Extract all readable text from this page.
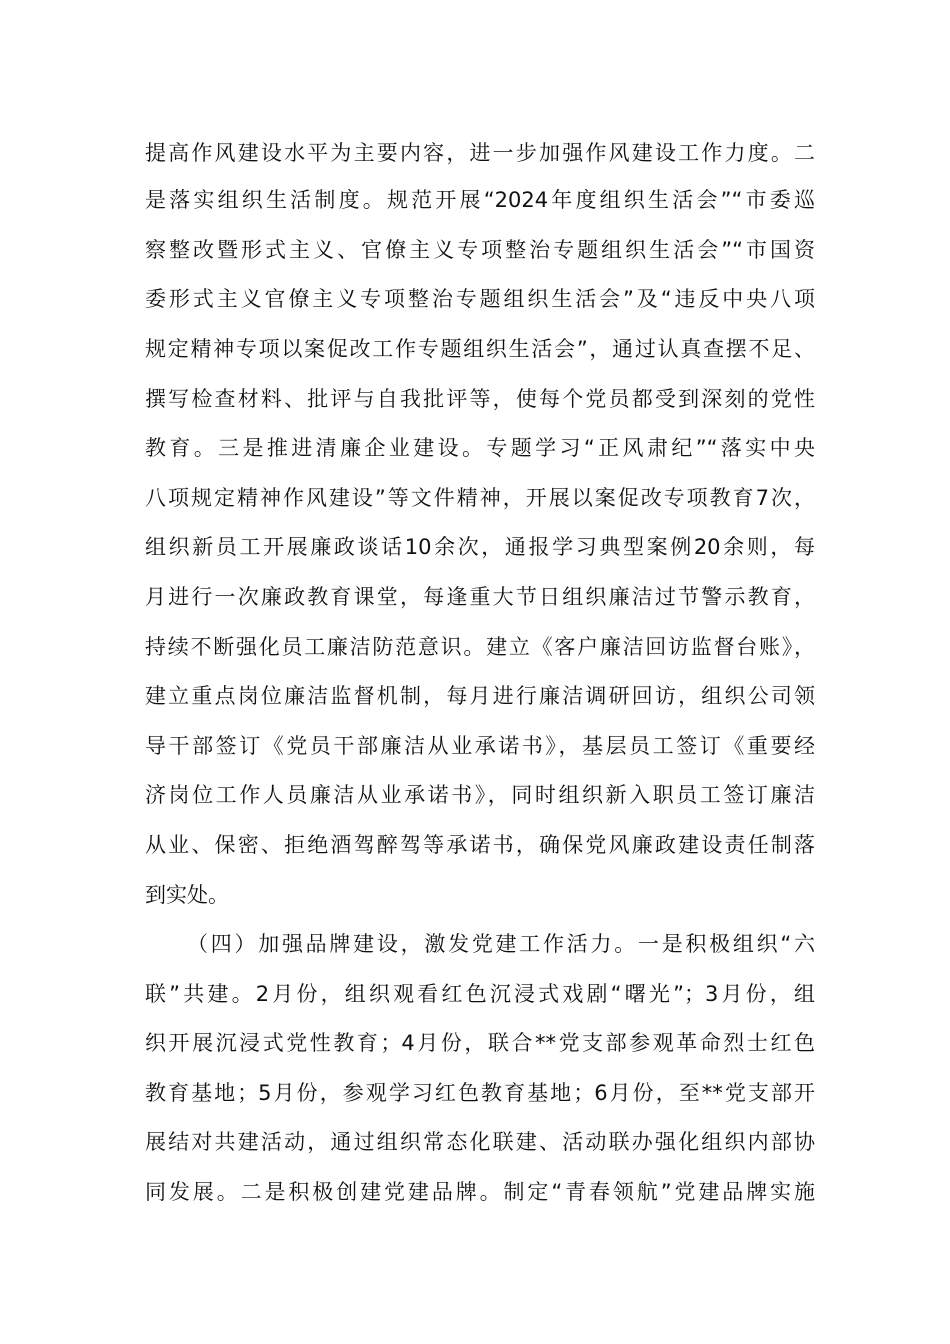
提高作风建设水平为主要内容，进一步加强作风建设工作力度。二
是落实组织生活制度。规范开展“2024年度组织生活会”“市委巡
察整改暨形式主义、官僚主义专项整治专题组织生活会”“市国资
委形式主义官僚主义专项整治专题组织生活会”及“违反中央八项
规定精神专项以案促改工作专题组织生活会”，通过认真查摆不足、
撰写检查材料、批评与自我批评等，使每个党员都受到深刻的党性
教育。三是推进清廉企业建设。专题学习“正风肃纪”“落实中央
八项规定精神作风建设”等文件精神，开展以案促改专项教育7次，
组织新员工开展廉政谈话10余次，通报学习典型案例20余则，每
月进行一次廉政教育课堂，每逢重大节日组织廉洁过节警示教育，
持续不断强化员工廉洁防范意识。建立《客户廉洁回访监督台账》，
建立重点岗位廉洁监督机制，每月进行廉洁调研回访，组织公司领
导干部签订《党员干部廉洁从业承诺书》，基层员工签订《重要经
济岗位工作人员廉洁从业承诺书》，同时组织新入职员工签订廉洁
从业、保密、拒绝酒驾醉驾等承诺书，确保党风廉政建设责任制落
到实处。
（四）加强品牌建设，激发党建工作活力。一是积极组织“六
联”共建。2月份，组织观看红色沉浸式戏剧“曙光”；3月份，组
织开展沉浸式党性教育；4月份，联合**党支部参观革命烈士红色
教育基地；5月份，参观学习红色教育基地；6月份，至**党支部开
展结对共建活动，通过组织常态化联建、活动联办强化组织内部协
同发展。二是积极创建党建品牌。制定“青春领航”党建品牌实施
